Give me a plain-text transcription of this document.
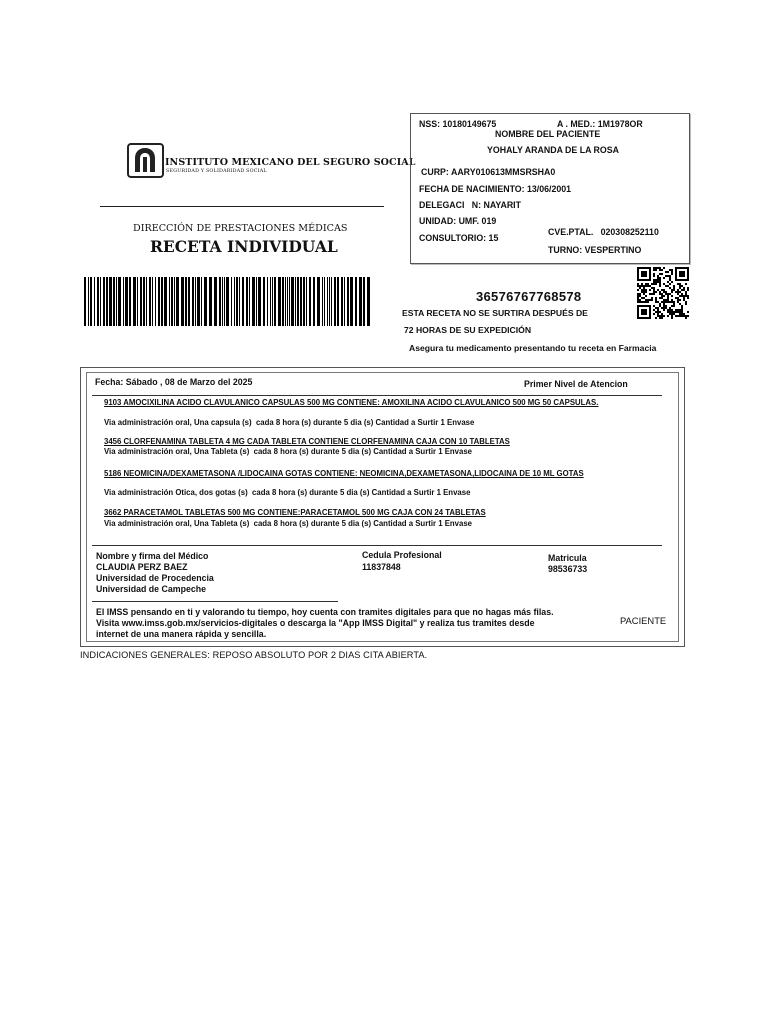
INSTITUTO MEXICANO DEL SEGURO SOCIAL
SEGURIDAD Y SOLIDARIDAD SOCIAL
DIRECCIÓN DE PRESTACIONES MÉDICAS
RECETA INDIVIDUAL
NSS: 10180149675	A . MED.: 1M1978OR
NOMBRE DEL PACIENTE
YOHALY ARANDA DE LA ROSA
CURP: AARY010613MMSRSHA0
FECHA DE NACIMIENTO: 13/06/2001
DELEGACI   N: NAYARIT
UNIDAD: UMF. 019
CVE.PTAL.   020308252110
CONSULTORIO: 15
TURNO: VESPERTINO
36576767768578
ESTA RECETA NO SE SURTIRA DESPUÉS DE
72 HORAS DE SU EXPEDICIÓN
Asegura tu medicamento presentando tu receta en Farmacia
Fecha: Sábado , 08 de Marzo del 2025	Primer Nivel de Atencion
9103 AMOCIXILINA ACIDO CLAVULANICO CAPSULAS 500 MG CONTIENE: AMOXILINA ACIDO CLAVULANICO 500 MG 50 CAPSULAS.
Via administración oral, Una capsula (s)  cada 8 hora (s) durante 5 dia (s) Cantidad a Surtir 1 Envase
3456 CLORFENAMINA TABLETA 4 MG CADA TABLETA CONTIENE CLORFENAMINA CAJA CON 10 TABLETAS
Via administración oral, Una Tableta (s)  cada 8 hora (s) durante 5 dia (s) Cantidad a Surtir 1 Envase
5186 NEOMICINA/DEXAMETASONA /LIDOCAINA GOTAS CONTIENE: NEOMICINA,DEXAMETASONA,LIDOCAINA DE 10 ML GOTAS
Via administración Otica, dos gotas (s)  cada 8 hora (s) durante 5 dia (s) Cantidad a Surtir 1 Envase
3662 PARACETAMOL TABLETAS 500 MG CONTIENE:PARACETAMOL 500 MG CAJA CON 24 TABLETAS
Via administración oral, Una Tableta (s)  cada 8 hora (s) durante 5 dia (s) Cantidad a Surtir 1 Envase
Nombre y firma del Médico
CLAUDIA PERZ BAEZ
Universidad de Procedencia
Universidad de Campeche
Cedula Profesional
11837848
Matricula
98536733
El IMSS pensando en ti y valorando tu tiempo, hoy cuenta con tramites digitales para que no hagas más filas.
Visita www.imss.gob.mx/servicios-digitales o descarga la "App IMSS Digital" y realiza tus tramites desde
internet de una manera rápida y sencilla.
PACIENTE
INDICACIONES GENERALES: REPOSO ABSOLUTO POR 2 DIAS CITA ABIERTA.
